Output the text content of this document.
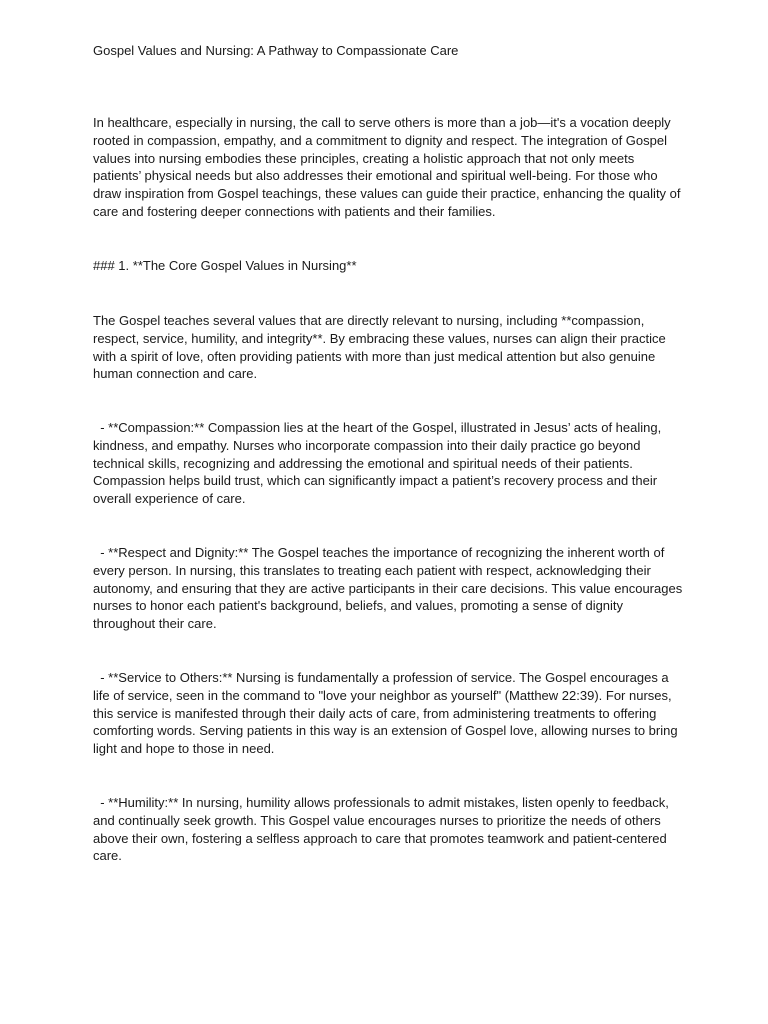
Gospel Values and Nursing: A Pathway to Compassionate Care

In healthcare, especially in nursing, the call to serve others is more than a job—it's a vocation deeply rooted in compassion, empathy, and a commitment to dignity and respect. The integration of Gospel values into nursing embodies these principles, creating a holistic approach that not only meets patients’ physical needs but also addresses their emotional and spiritual well-being. For those who draw inspiration from Gospel teachings, these values can guide their practice, enhancing the quality of care and fostering deeper connections with patients and their families.

### 1. **The Core Gospel Values in Nursing**

The Gospel teaches several values that are directly relevant to nursing, including **compassion, respect, service, humility, and integrity**. By embracing these values, nurses can align their practice with a spirit of love, often providing patients with more than just medical attention but also genuine human connection and care.

- **Compassion:** Compassion lies at the heart of the Gospel, illustrated in Jesus’ acts of healing, kindness, and empathy. Nurses who incorporate compassion into their daily practice go beyond technical skills, recognizing and addressing the emotional and spiritual needs of their patients. Compassion helps build trust, which can significantly impact a patient’s recovery process and their overall experience of care.

- **Respect and Dignity:** The Gospel teaches the importance of recognizing the inherent worth of every person. In nursing, this translates to treating each patient with respect, acknowledging their autonomy, and ensuring that they are active participants in their care decisions. This value encourages nurses to honor each patient's background, beliefs, and values, promoting a sense of dignity throughout their care.

- **Service to Others:** Nursing is fundamentally a profession of service. The Gospel encourages a life of service, seen in the command to "love your neighbor as yourself" (Matthew 22:39). For nurses, this service is manifested through their daily acts of care, from administering treatments to offering comforting words. Serving patients in this way is an extension of Gospel love, allowing nurses to bring light and hope to those in need.

- **Humility:** In nursing, humility allows professionals to admit mistakes, listen openly to feedback, and continually seek growth. This Gospel value encourages nurses to prioritize the needs of others above their own, fostering a selfless approach to care that promotes teamwork and patient-centered care.
